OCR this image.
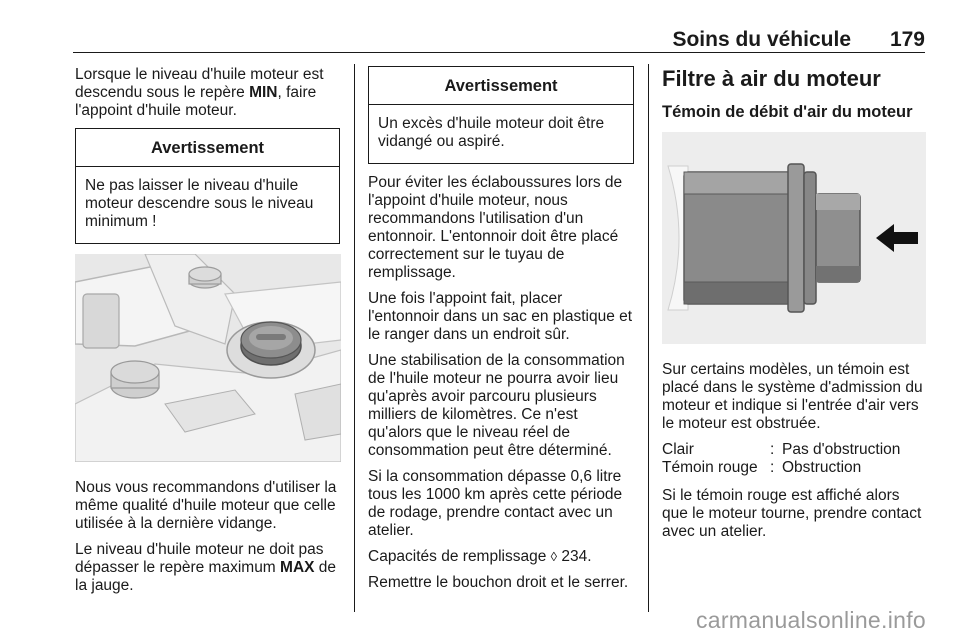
Soins du véhicule 179

Lorsque le niveau d'huile moteur est descendu sous le repère MIN, faire l'appoint d'huile moteur.

Avertissement
Ne pas laisser le niveau d'huile moteur descendre sous le niveau minimum !

Nous vous recommandons d'utiliser la même qualité d'huile moteur que celle utilisée à la dernière vidange.

Le niveau d'huile moteur ne doit pas dépasser le repère maximum MAX de la jauge.

Avertissement
Un excès d'huile moteur doit être vidangé ou aspiré.

Pour éviter les éclaboussures lors de l'appoint d'huile moteur, nous recommandons l'utilisation d'un entonnoir. L'entonnoir doit être placé correctement sur le tuyau de remplissage.

Une fois l'appoint fait, placer l'entonnoir dans un sac en plastique et le ranger dans un endroit sûr.

Une stabilisation de la consommation de l'huile moteur ne pourra avoir lieu qu'après avoir parcouru plusieurs milliers de kilomètres. Ce n'est qu'alors que le niveau réel de consommation peut être déterminé.

Si la consommation dépasse 0,6 litre tous les 1000 km après cette période de rodage, prendre contact avec un atelier.

Capacités de remplissage ◊ 234.

Remettre le bouchon droit et le serrer.

Filtre à air du moteur
Témoin de débit d'air du moteur

Sur certains modèles, un témoin est placé dans le système d'admission du moteur et indique si l'entrée d'air vers le moteur est obstruée.

Clair	:	Pas d'obstruction
Témoin rouge	:	Obstruction

Si le témoin rouge est affiché alors que le moteur tourne, prendre contact avec un atelier.

carmanualsonline.info
